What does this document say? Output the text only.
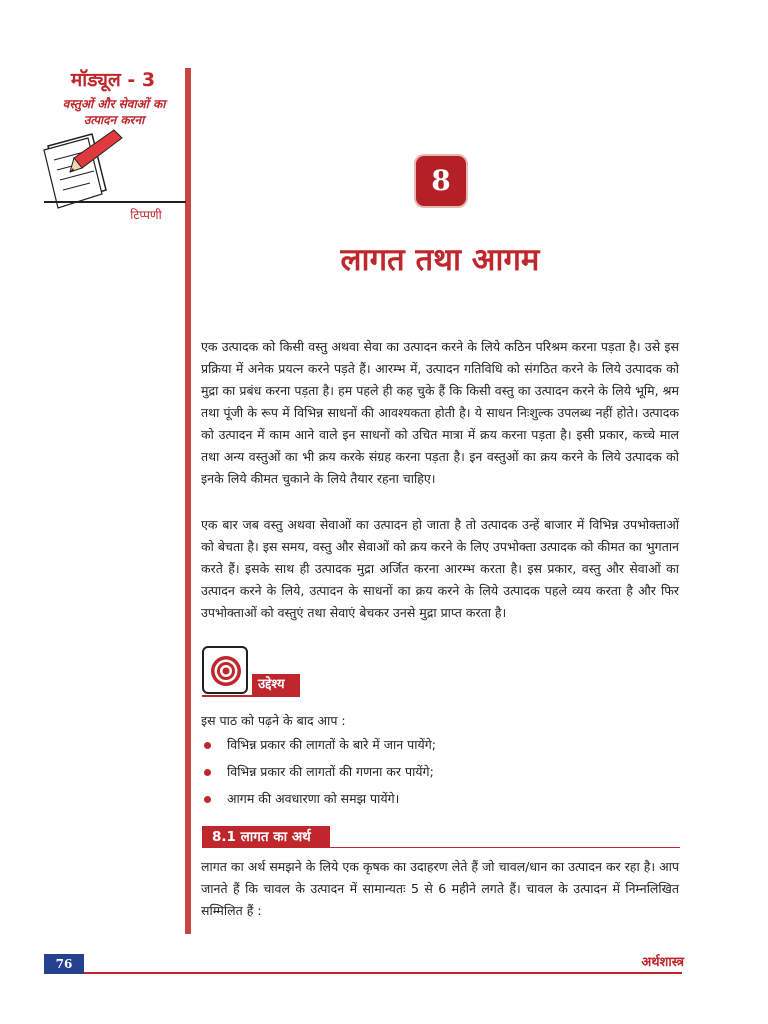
मॉड्यूल - 3
वस्तुओं और सेवाओं का उत्पादन करना
टिप्पणी
8
लागत तथा आगम
एक उत्पादक को किसी वस्तु अथवा सेवा का उत्पादन करने के लिये कठिन परिश्रम करना पड़ता है। उसे इस प्रक्रिया में अनेक प्रयत्न करने पड़ते हैं। आरम्भ में, उत्पादन गतिविधि को संगठित करने के लिये उत्पादक को मुद्रा का प्रबंध करना पड़ता है। हम पहले ही कह चुके हैं कि किसी वस्तु का उत्पादन करने के लिये भूमि, श्रम तथा पूंजी के रूप में विभिन्न साधनों की आवश्यकता होती है। ये साधन निःशुल्क उपलब्ध नहीं होते। उत्पादक को उत्पादन में काम आने वाले इन साधनों को उचित मात्रा में क्रय करना पड़ता है। इसी प्रकार, कच्चे माल तथा अन्य वस्तुओं का भी क्रय करके संग्रह करना पड़ता है। इन वस्तुओं का क्रय करने के लिये उत्पादक को इनके लिये कीमत चुकाने के लिये तैयार रहना चाहिए।
एक बार जब वस्तु अथवा सेवाओं का उत्पादन हो जाता है तो उत्पादक उन्हें बाजार में विभिन्न उपभोक्ताओं को बेचता है। इस समय, वस्तु और सेवाओं को क्रय करने के लिए उपभोक्ता उत्पादक को कीमत का भुगतान करते हैं। इसके साथ ही उत्पादक मुद्रा अर्जित करना आरम्भ करता है। इस प्रकार, वस्तु और सेवाओं का उत्पादन करने के लिये, उत्पादन के साधनों का क्रय करने के लिये उत्पादक पहले व्यय करता है और फिर उपभोक्ताओं को वस्तुएं तथा सेवाएं बेचकर उनसे मुद्रा प्राप्त करता है।
उद्देश्य
इस पाठ को पढ़ने के बाद आप :
विभिन्न प्रकार की लागतों के बारे में जान पायेंगे;
विभिन्न प्रकार की लागतों की गणना कर पायेंगे;
आगम की अवधारणा को समझ पायेंगे।
8.1 लागत का अर्थ
लागत का अर्थ समझने के लिये एक कृषक का उदाहरण लेते हैं जो चावल/धान का उत्पादन कर रहा है। आप जानते हैं कि चावल के उत्पादन में सामान्यतः 5 से 6 महीने लगते हैं। चावल के उत्पादन में निम्नलिखित सम्मिलित हैं :
76	अर्थशास्त्र
